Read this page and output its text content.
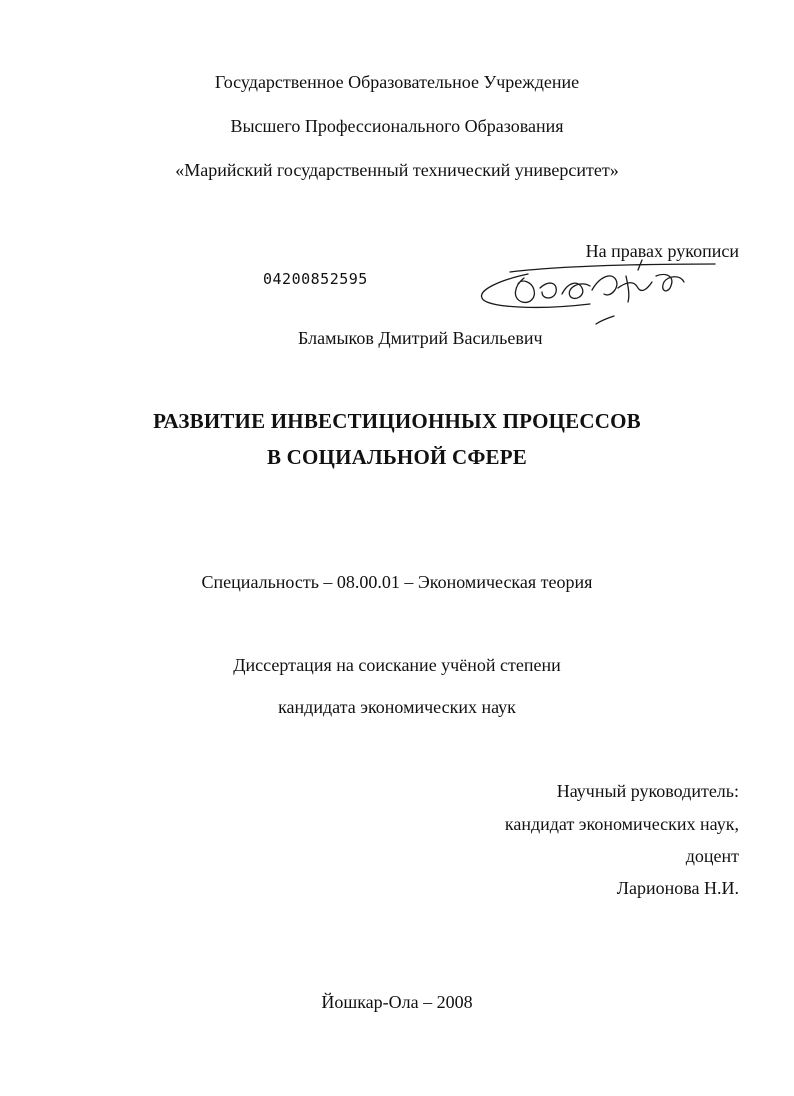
Государственное Образовательное Учреждение
Высшего Профессионального Образования
«Марийский государственный технический университет»
На правах рукописи
04200852595
Бламыков Дмитрий Васильевич
РАЗВИТИЕ ИНВЕСТИЦИОННЫХ ПРОЦЕССОВ
В СОЦИАЛЬНОЙ СФЕРЕ
Специальность – 08.00.01 – Экономическая теория
Диссертация на соискание учёной степени
кандидата экономических наук
Научный руководитель:
кандидат экономических наук,
доцент
Ларионова Н.И.
Йошкар-Ола – 2008
